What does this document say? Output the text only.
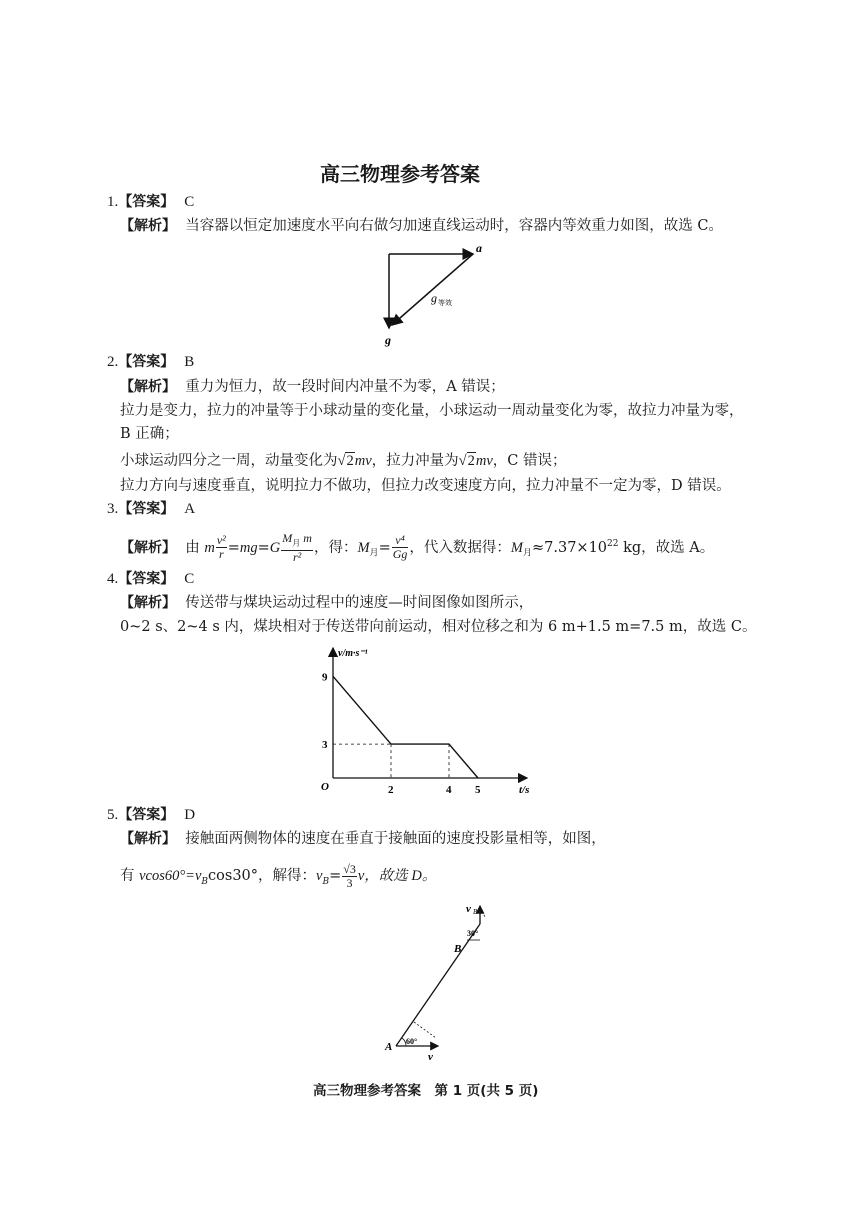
高三物理参考答案
1.【答案】 C
【解析】 当容器以恒定加速度水平向右做匀加速直线运动时，容器内等效重力如图，故选 C。
a
g
g 等效
2.【答案】 B
【解析】 重力为恒力，故一段时间内冲量不为零，A 错误；
拉力是变力，拉力的冲量等于小球动量的变化量，小球运动一周动量变化为零，故拉力冲量为零，
B 正确；
小球运动四分之一周，动量变化为√2mv，拉力冲量为√2mv，C 错误；
拉力方向与速度垂直，说明拉力不做功，但拉力改变速度方向，拉力冲量不一定为零，D 错误。
3.【答案】 A
【解析】 由 m $\frac{\text{v²}}{r} =mg=G \frac{M_月 m}{\text{r²}}$ ，得：$M_月= \frac{\text{v⁴}}{Gg}$ ，代入数据得：$M_月\approx 7.37\times 10^{22}$ kg，故选 A。
4.【答案】 C
【解析】 传送带与煤块运动过程中的速度—时间图像如图所示，
0~2 s、2~4 s 内，煤块相对于传送带向前运动，相对位移之和为 6 m+1.5 m=7.5 m，故选 C。
2	4 5
3
9
O	t/s
v/m·s⁻¹
5.【答案】 D
【解析】 接触面两侧物体的速度在垂直于接触面的速度投影量相等，如图，
有 $vcos60^\circ=v_B\cos 30^\circ$，解得：$v_B= \frac{√3}{3}$ v，故选 D。
v B
B
30°
A 60°
v
高三物理参考答案　第 1 页(共 5 页)
